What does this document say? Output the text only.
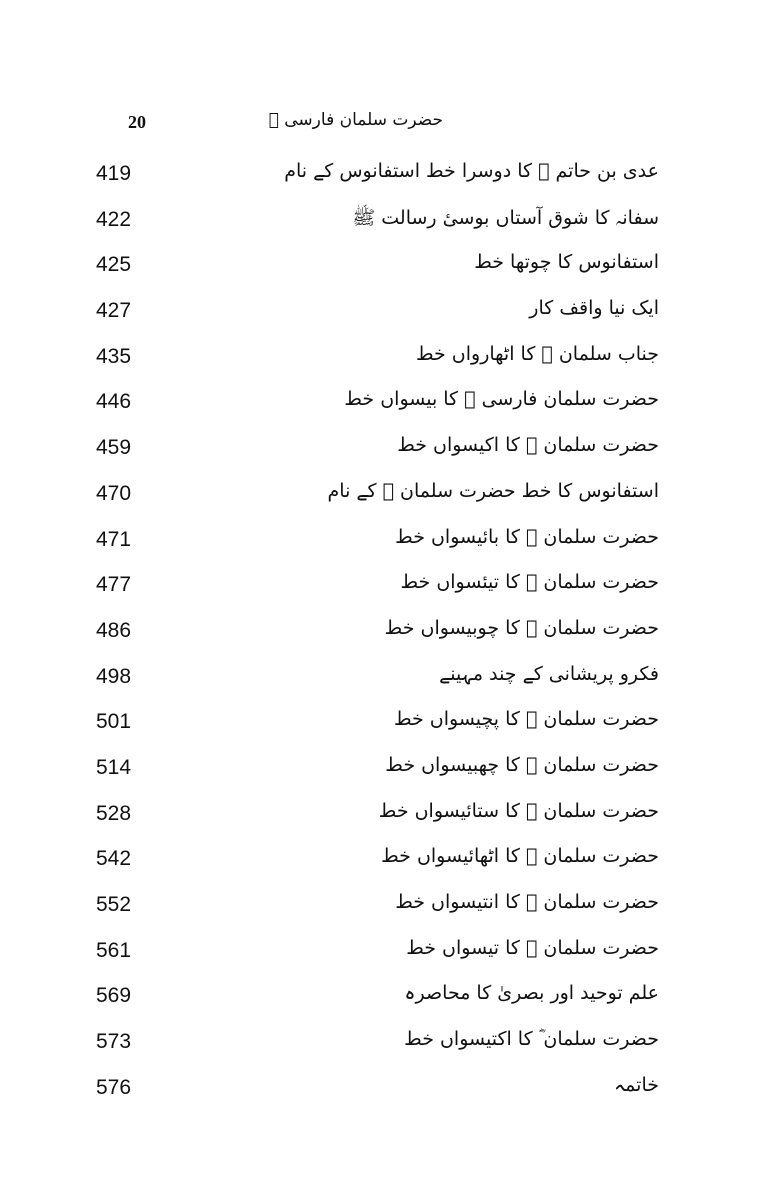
20	حضرت سلمان فارسی ﷛
419	عدی بن حاتم ﷛ کا دوسرا خط استفانوس کے نام
422	سفانہ کا شوق آستاں بوسیٔ رسالت ﷺ
425	استفانوس کا چوتھا خط
427	ایک نیا واقف کار
435	جناب سلمان ﷛ کا اٹھارواں خط
446	حضرت سلمان فارسی ﷛ کا بیسواں خط
459	حضرت سلمان ﷛ کا اکیسواں خط
470	استفانوس کا خط حضرت سلمان ﷛ کے نام
471	حضرت سلمان ﷛ کا بائیسواں خط
477	حضرت سلمان ﷛ کا تیئسواں خط
486	حضرت سلمان ﷛ کا چوبیسواں خط
498	فکرو پریشانی کے چند مہینے
501	حضرت سلمان ﷛ کا پچیسواں خط
514	حضرت سلمان ﷛ کا چھبیسواں خط
528	حضرت سلمان ﷛ کا ستائیسواں خط
542	حضرت سلمان ﷛ کا اٹھائیسواں خط
552	حضرت سلمان ﷛ کا انتیسواں خط
561	حضرت سلمان ﷛ کا تیسواں خط
569	علم توحید اور بصریٰ کا محاصرہ
573	حضرت سلمان ؓ کا اکتیسواں خط
576	خاتمہ
